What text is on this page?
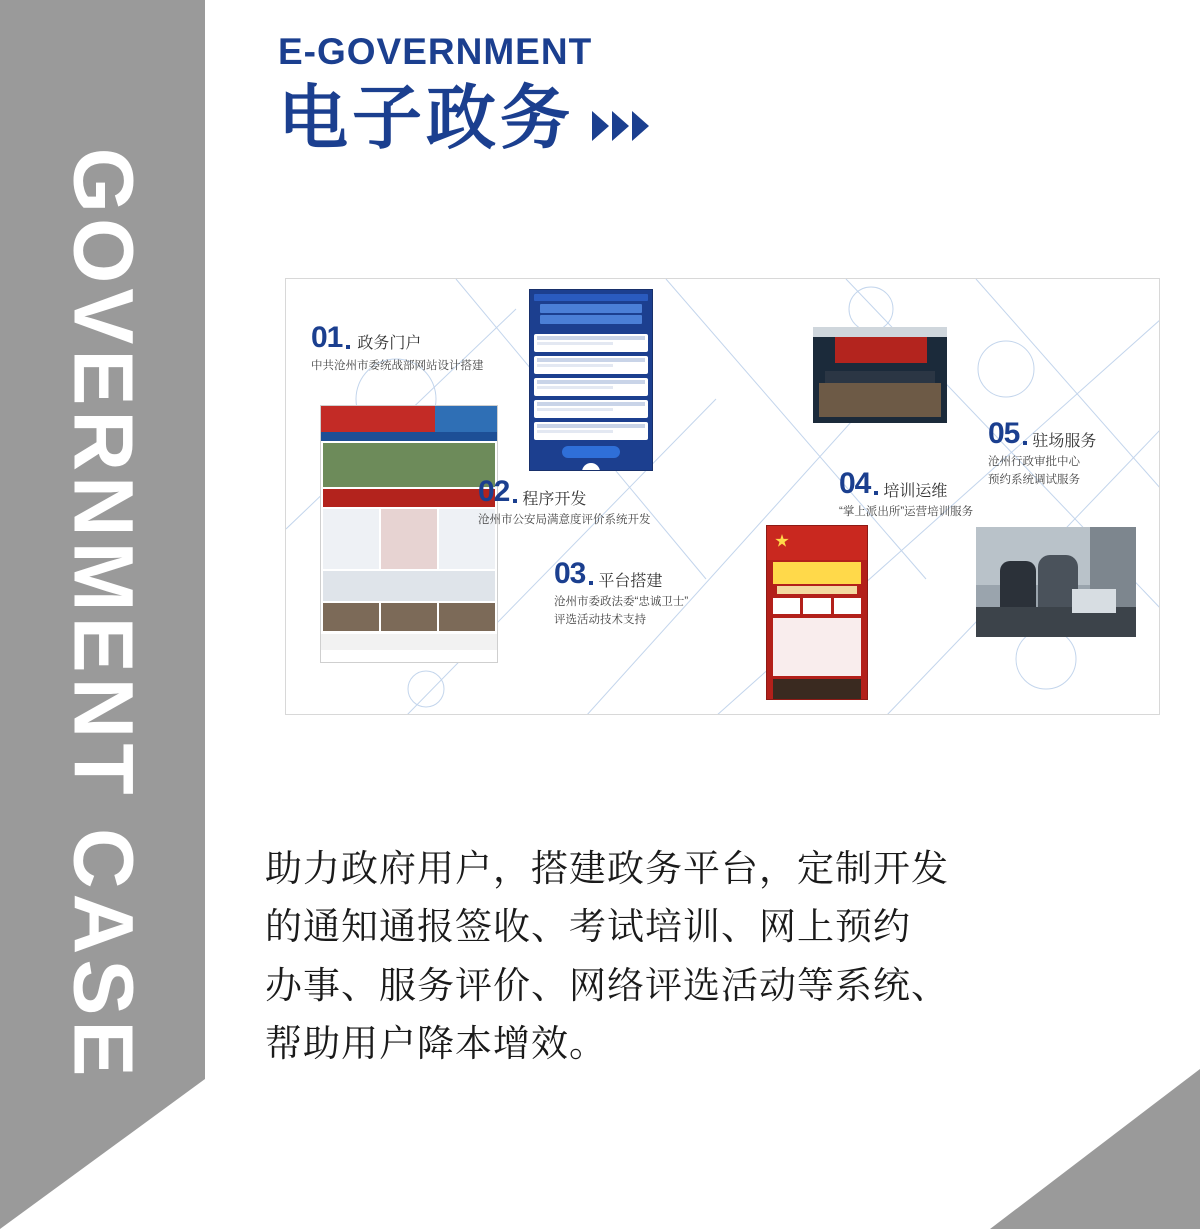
GOVERNMENT CASE
E-GOVERNMENT
电子政务
01 政务门户
中共沧州市委统战部网站设计搭建
02 程序开发
沧州市公安局满意度评价系统开发
03 平台搭建
沧州市委政法委“忠诚卫士”
评选活动技术支持
04 培训运维
“掌上派出所”运营培训服务
05 驻场服务
沧州行政审批中心
预约系统调试服务
助力政府用户，搭建政务平台，定制开发
的通知通报签收、考试培训、网上预约
办事、服务评价、网络评选活动等系统、
帮助用户降本增效。
